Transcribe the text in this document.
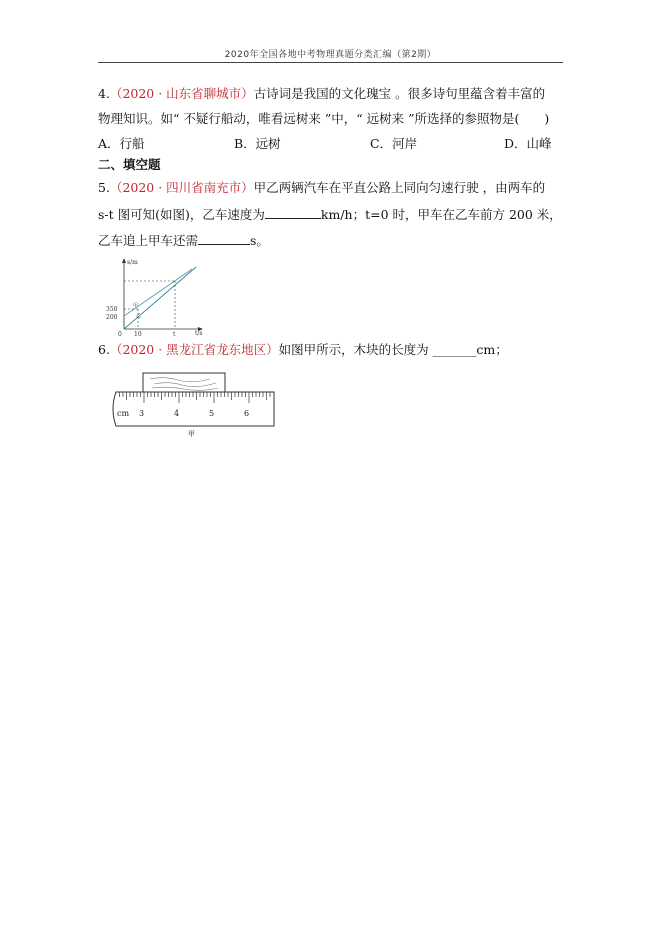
2020年全国各地中考物理真题分类汇编（第2期）
4.（2020 · 山东省聊城市）古诗词是我国的文化瑰宝 。很多诗句里蕴含着丰富的
物理知识。如“ 不疑行船动，唯看远树来 ”中，“ 远树来 ”所选择的参照物是(　　)
A．行船	B．远树	C．河岸	D．山峰
二、填空题
5.（2020 · 四川省南充市）甲乙两辆汽车在平直公路上同向匀速行驶 ，由两车的
s-t 图可知(如图)，乙车速度为	km/h；t=0 时，甲车在乙车前方 200 米，
乙车追上甲车还需	s。
s/m
t/s
350
200
0 10	t
甲
乙
6.（2020 · 黑龙江省龙东地区）如图甲所示，木块的长度为 _______cm；
cm 3	4	5	6
甲
